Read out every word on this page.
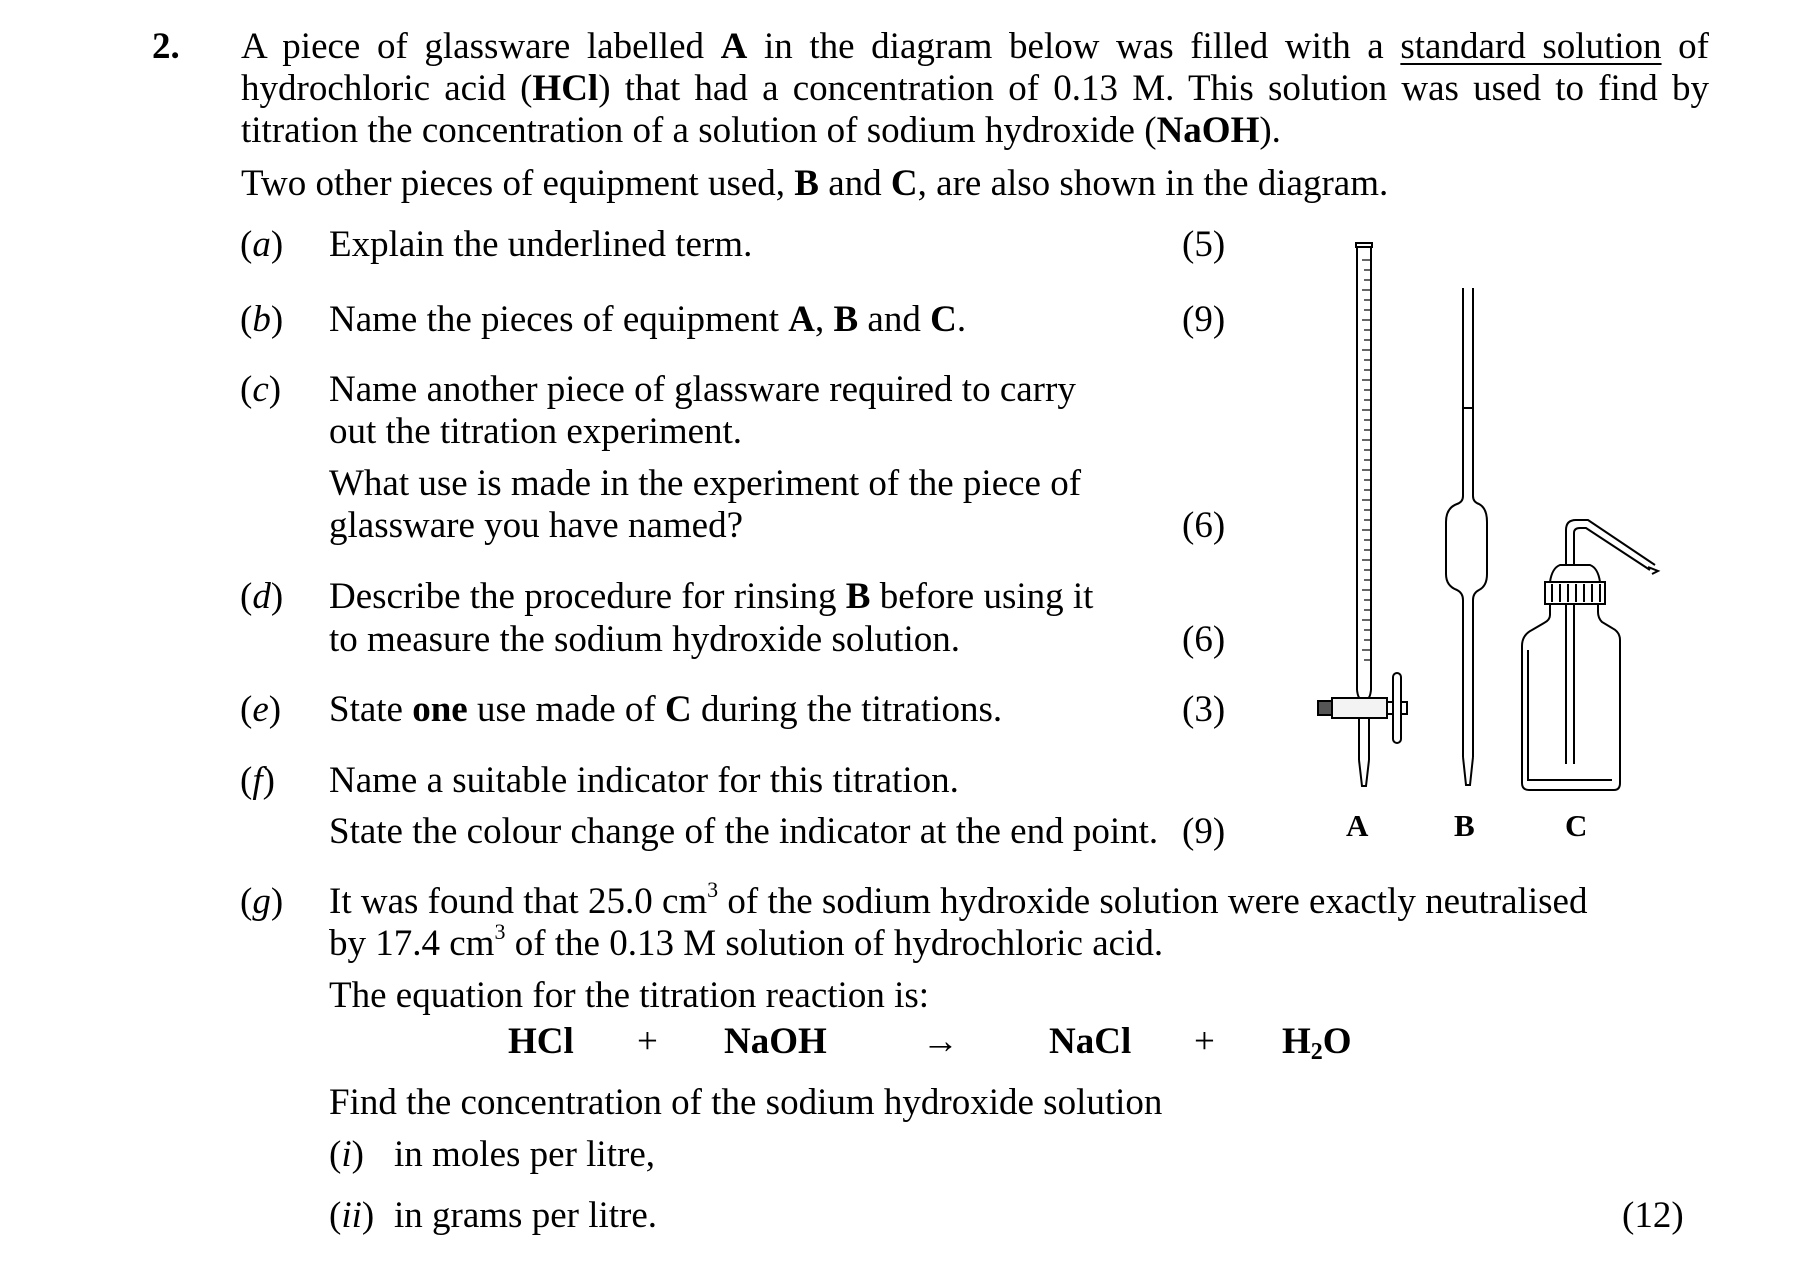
2. A piece of glassware labelled A in the diagram below was filled with a standard solution of
hydrochloric acid (HCl) that had a concentration of 0.13 M. This solution was used to find by
titration the concentration of a solution of sodium hydroxide (NaOH).
Two other pieces of equipment used, B and C, are also shown in the diagram.
(a) Explain the underlined term.	(5)
(b) Name the pieces of equipment A, B and C.	(9)
(c) Name another piece of glassware required to carry
out the titration experiment.
What use is made in the experiment of the piece of
glassware you have named?	(6)
(d) Describe the procedure for rinsing B before using it
to measure the sodium hydroxide solution.	(6)
(e) State one use made of C during the titrations.	(3)
(f) Name a suitable indicator for this titration.
State the colour change of the indicator at the end point. (9)
(g) It was found that 25.0 $cm^3$ of the sodium hydroxide solution were exactly neutralised
by 17.4 $cm^3$ of the 0.13 M solution of hydrochloric acid.
The equation for the titration reaction is:
HCl + NaOH	→ NaCl + $H_2O$
Find the concentration of the sodium hydroxide solution
(i) in moles per litre,
(ii) in grams per litre.	(12)
A	B	C
